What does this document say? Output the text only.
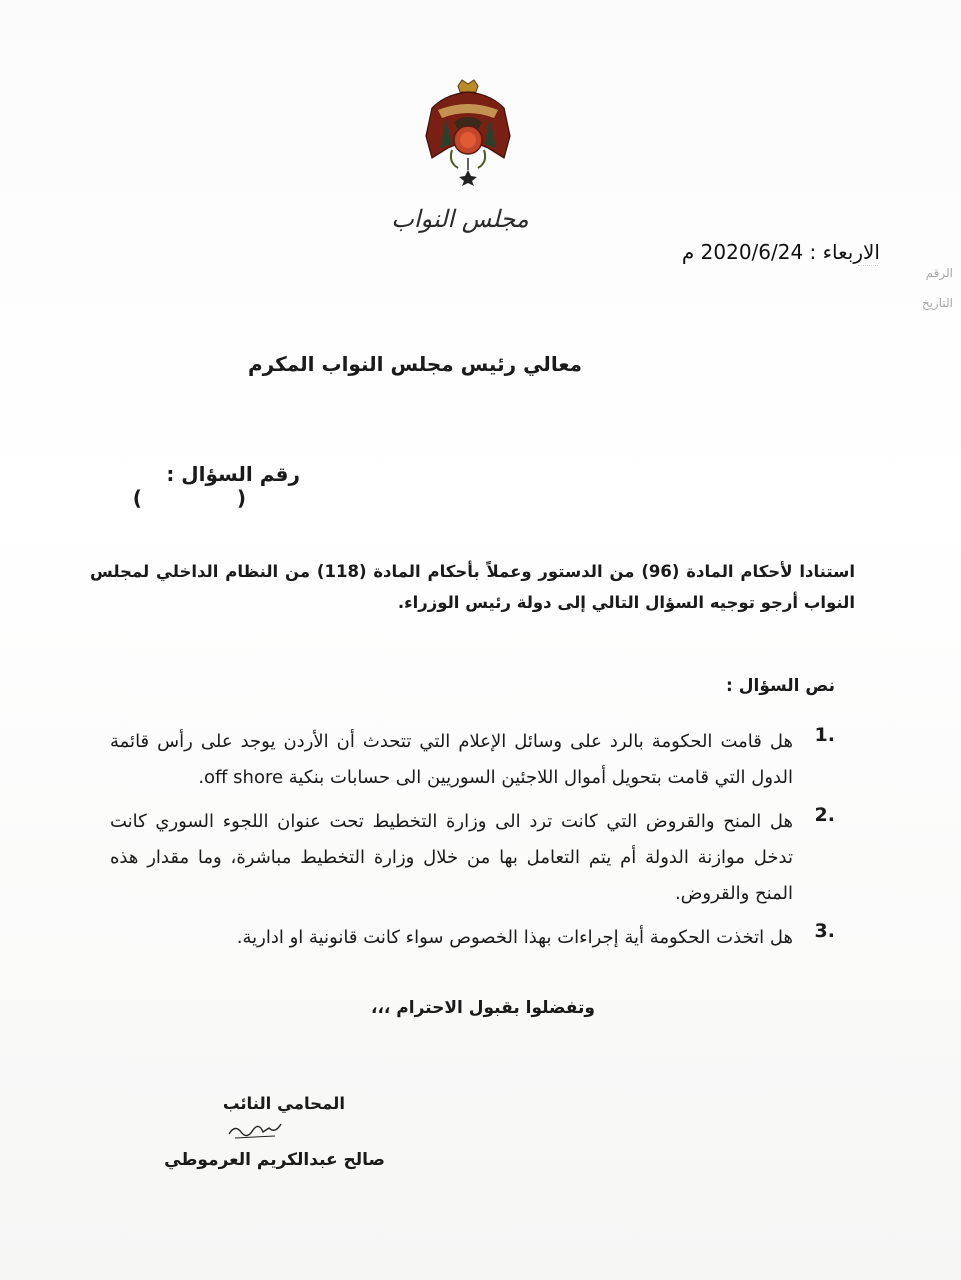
مجلس النواب
الاربعاء : 2020/6/24 م
الرقم
التاريخ
معالي رئيس مجلس النواب المكرم
رقم السؤال : ( )
استنادا لأحكام المادة (96) من الدستور وعملاً بأحكام المادة (118) من النظام الداخلي لمجلس النواب أرجو توجيه السؤال التالي إلى دولة رئيس الوزراء.
نص السؤال :
1.
هل قامت الحكومة بالرد على وسائل الإعلام التي تتحدث أن الأردن يوجد على رأس قائمة الدول التي قامت بتحويل أموال اللاجئين السوريين الى حسابات بنكية off shore.
2.
هل المنح والقروض التي كانت ترد الى وزارة التخطيط تحت عنوان اللجوء السوري كانت تدخل موازنة الدولة أم يتم التعامل بها من خلال وزارة التخطيط مباشرة، وما مقدار هذه المنح والقروض.
3.
هل اتخذت الحكومة أية إجراءات بهذا الخصوص سواء كانت قانونية او ادارية.
وتفضلوا بقبول الاحترام ،،،
المحامي النائب
صالح عبدالكريم العرموطي
